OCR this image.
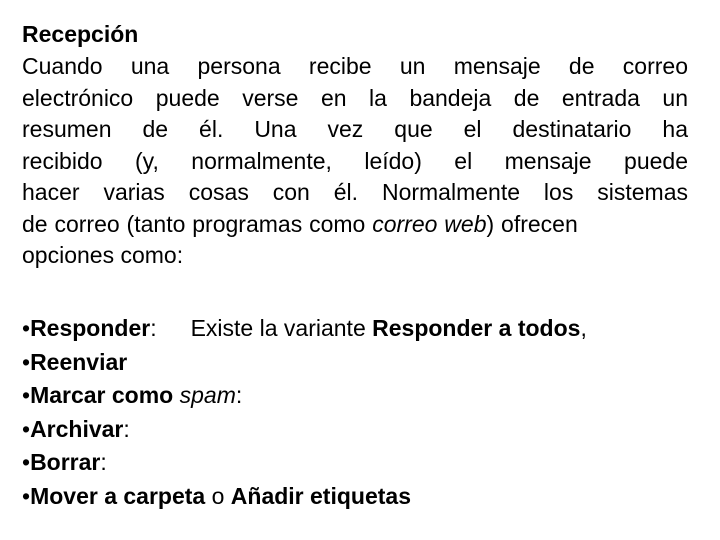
Recepción
Cuando una persona recibe un mensaje de correo
electrónico puede verse en la bandeja de entrada un
resumen de él. Una vez que el destinatario ha
recibido (y, normalmente, leído) el mensaje puede
hacer varias cosas con él. Normalmente los sistemas
de correo (tanto programas como correo web) ofrecen
opciones como:
•Responder: Existe la variante Responder a todos,
•Reenviar
•Marcar como spam:
•Archivar:
•Borrar:
•Mover a carpeta o Añadir etiquetas
